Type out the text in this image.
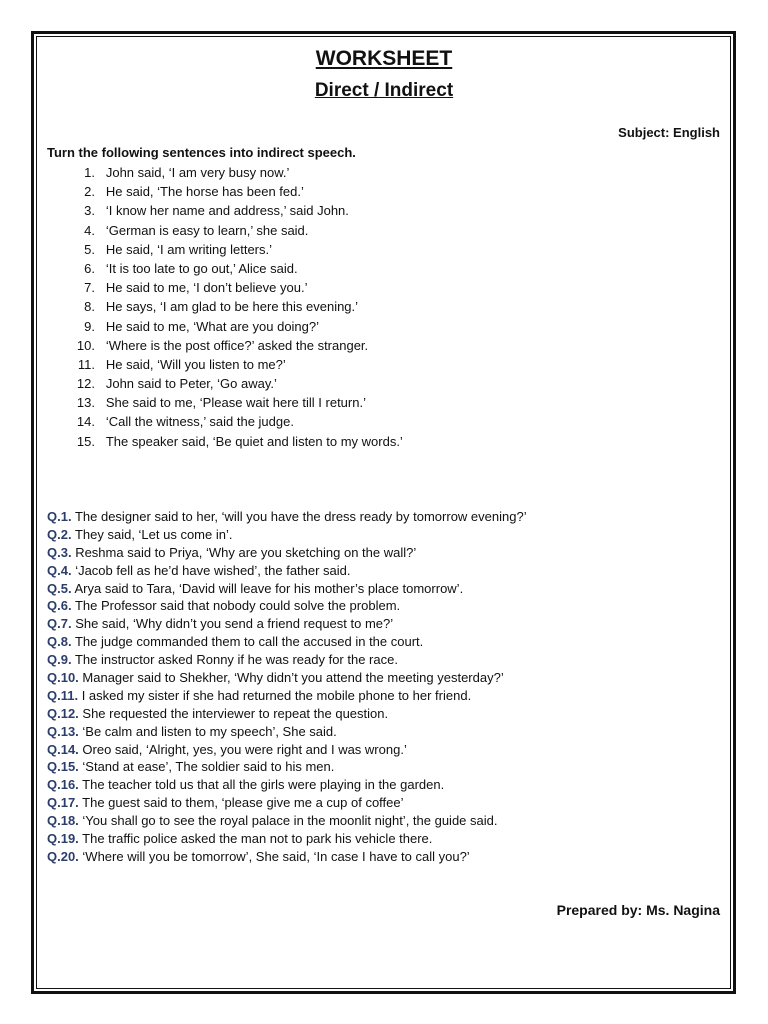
WORKSHEET
Direct / Indirect
Subject: English
Turn the following sentences into indirect speech.
1. John said, ‘I am very busy now.’
2. He said, ‘The horse has been fed.’
3. ‘I know her name and address,’ said John.
4. ‘German is easy to learn,’ she said.
5. He said, ‘I am writing letters.’
6. ‘It is too late to go out,’ Alice said.
7. He said to me, ‘I don’t believe you.’
8. He says, ‘I am glad to be here this evening.’
9. He said to me, ‘What are you doing?’
10. ‘Where is the post office?’ asked the stranger.
11. He said, ‘Will you listen to me?’
12. John said to Peter, ‘Go away.’
13. She said to me, ‘Please wait here till I return.’
14. ‘Call the witness,’ said the judge.
15. The speaker said, ‘Be quiet and listen to my words.’
Q.1. The designer said to her, ‘will you have the dress ready by tomorrow evening?’
Q.2. They said, ‘Let us come in’.
Q.3. Reshma said to Priya, ‘Why are you sketching on the wall?’
Q.4. ‘Jacob fell as he’d have wished’, the father said.
Q.5. Arya said to Tara, ‘David will leave for his mother’s place tomorrow’.
Q.6. The Professor said that nobody could solve the problem.
Q.7. She said, ‘Why didn’t you send a friend request to me?’
Q.8. The judge commanded them to call the accused in the court.
Q.9. The instructor asked Ronny if he was ready for the race.
Q.10. Manager said to Shekher, ‘Why didn’t you attend the meeting yesterday?’
Q.11. I asked my sister if she had returned the mobile phone to her friend.
Q.12. She requested the interviewer to repeat the question.
Q.13. ‘Be calm and listen to my speech’, She said.
Q.14. Oreo said, ‘Alright, yes, you were right and I was wrong.’
Q.15. ‘Stand at ease’, The soldier said to his men.
Q.16. The teacher told us that all the girls were playing in the garden.
Q.17. The guest said to them, ‘please give me a cup of coffee’
Q.18. ‘You shall go to see the royal palace in the moonlit night’, the guide said.
Q.19. The traffic police asked the man not to park his vehicle there.
Q.20. ‘Where will you be tomorrow’, She said, ‘In case I have to call you?’
Prepared by: Ms. Nagina
